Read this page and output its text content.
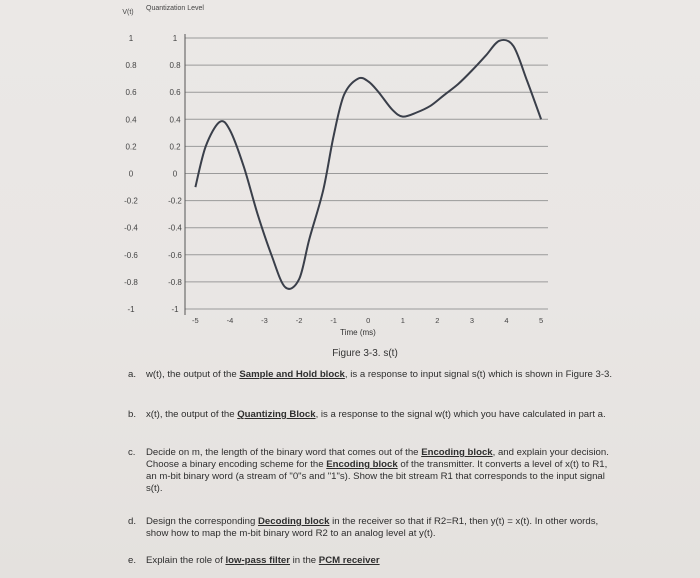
V(t)
Quantization Level
1
0.8
0.6
0.4
0.2
0
-0.2
-0.4
-0.6
-0.8
-1
1
0.8
0.6
0.4
0.2
0
-0.2
-0.4
-0.6
-0.8
-1
-5	-4	-3	-2	-1	0	1	2	3	4	5
Time (ms)
Figure 3-3. s(t)

a. w(t), the output of the Sample and Hold block, is a response to input signal s(t) which is shown in Figure 3-3.

b. x(t), the output of the Quantizing Block, is a response to the signal w(t) which you have calculated in part a.

c. Decide on m, the length of the binary word that comes out of the Encoding block, and explain your decision. Choose a binary encoding scheme for the Encoding block of the transmitter. It converts a level of x(t) to R1, an m-bit binary word (a stream of "0"s and "1"s). Show the bit stream R1 that corresponds to the input signal s(t).

d. Design the corresponding Decoding block in the receiver so that if R2=R1, then y(t) = x(t). In other words, show how to map the m-bit binary word R2 to an analog level at y(t).

e. Explain the role of low-pass filter in the PCM receiver
